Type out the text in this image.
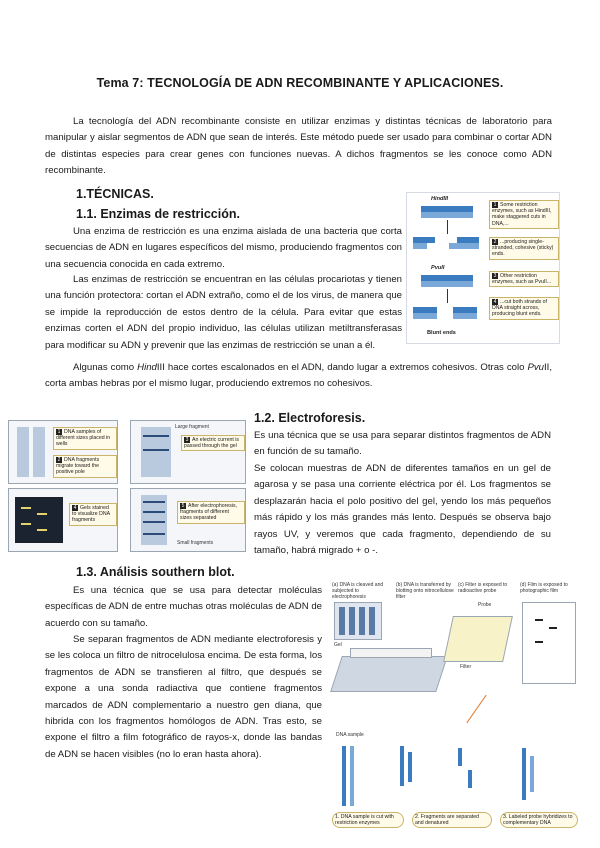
Tema 7: TECNOLOGÍA DE ADN RECOMBINANTE Y APLICACIONES.

La tecnología del ADN recombinante consiste en utilizar enzimas y distintas técnicas de laboratorio para manipular y aislar segmentos de ADN que sean de interés. Este método puede ser usado para combinar o cortar ADN de distintas especies para crear genes con funciones nuevas. A dichos fragmentos se les conoce como ADN recombinante.

1.TÉCNICAS.
1.1. Enzimas de restricción.

Una enzima de restricción es una enzima aislada de una bacteria que corta secuencias de ADN en lugares específicos del mismo, produciendo fragmentos con una secuencia conocida en cada extremo.

Las enzimas de restricción se encuentran en las células procariotas y tienen una función protectora: cortan el ADN extraño, como el de los virus, de manera que se impide la reproducción de estos dentro de la célula. Para evitar que estas enzimas corten el ADN del propio individuo, las células utilizan metiltransferasas para modificar su ADN y prevenir que las enzimas de restricción se unan a él.

Algunas como HindIII hace cortes escalonados en el ADN, dando lugar a extremos cohesivos. Otras colo PvuII, corta ambas hebras por el mismo lugar, produciendo extremos no cohesivos.

HindIII
1 Some restriction enzymes, such as HindIII, make staggered cuts in DNA,...
2 ...producing single-stranded, cohesive (sticky) ends.
PvuII
Blunt ends
3 Other restriction enzymes, such as PvuII...
4 ...cut both strands of DNA straight across, producing blunt ends.
1 DNA samples of different sizes placed in wells
2 DNA fragments migrate toward the positive pole
Large fragment
3 An electric current is passed through the gel
4 Gels stained to visualize DNA fragments
5 After electrophoresis, fragments of different sizes separated
Small fragments
1.2. Electroforesis.

Es una técnica que se usa para separar distintos fragmentos de ADN en función de su tamaño.

Se colocan muestras de ADN de diferentes tamaños en un gel de agarosa y se pasa una corriente eléctrica por él. Los fragmentos se desplazarán hacia el polo positivo del gel, yendo los más pequeños más rápido y los más grandes más lento. Después se observa bajo rayos UV, y veremos que cada fragmento, dependiendo de su tamaño, habrá migrado + o -.

1.3. Análisis southern blot.

Es una técnica que se usa para detectar moléculas específicas de ADN de entre muchas otras moléculas de ADN de acuerdo con su tamaño.

Se separan fragmentos de ADN mediante electroforesis y se les coloca un filtro de nitrocelulosa encima. De esta forma, los fragmentos de ADN se transfieren al filtro, que después se expone a una sonda radiactiva que contiene fragmentos marcados de ADN complementario a nuestro gen diana, que hibrida con los fragmentos homólogos de ADN. Tras esto, se expone el filtro a film fotográfico de rayos-x, donde las bandas de ADN se hacen visibles (no lo eran hasta ahora).

(a) DNA is cleaved and subjected to electrophoresis
(b) DNA is transferred by blotting onto nitrocellulose filter
(c) Filter is exposed to radioactive probe
(d) Film is exposed to photographic film
Gel
Filter
Probe
DNA sample
1. DNA sample is cut with restriction enzymes
2. Fragments are separated and denatured
3. Labeled probe hybridizes to complementary DNA
